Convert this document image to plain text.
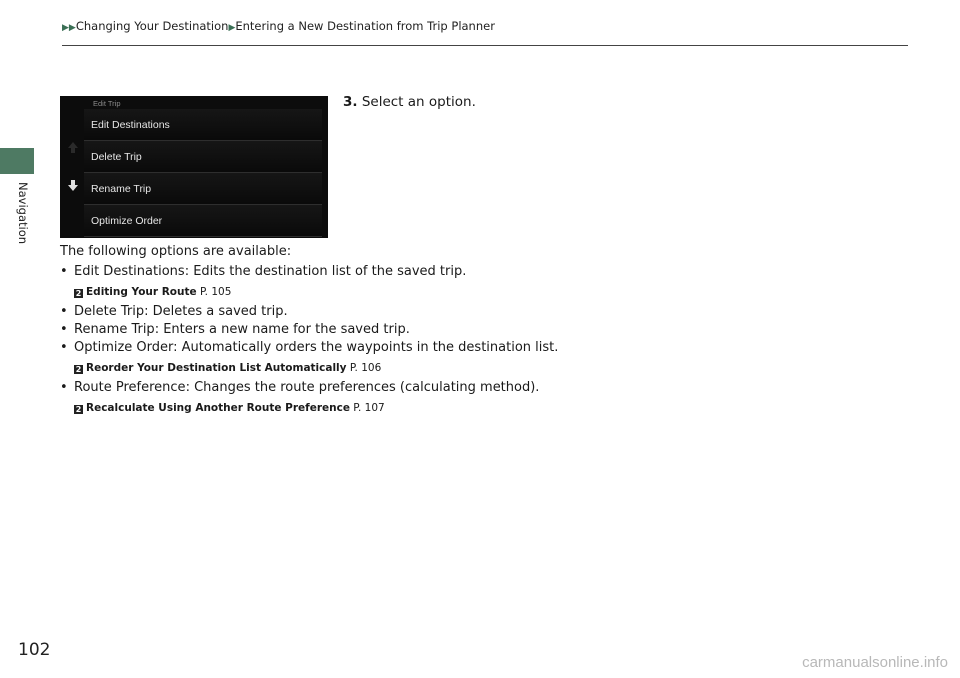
▶▶Changing Your Destination▶Entering a New Destination from Trip Planner
Navigation
102
Edit Trip
Edit Destinations
Delete Trip
Rename Trip
Optimize Order
3. Select an option.
The following options are available:
• Edit Destinations: Edits the destination list of the saved trip.
2 Editing Your Route P. 105
• Delete Trip: Deletes a saved trip.
• Rename Trip: Enters a new name for the saved trip.
• Optimize Order: Automatically orders the waypoints in the destination list.
2 Reorder Your Destination List Automatically P. 106
• Route Preference: Changes the route preferences (calculating method).
2 Recalculate Using Another Route Preference P. 107
carmanualsonline.info
